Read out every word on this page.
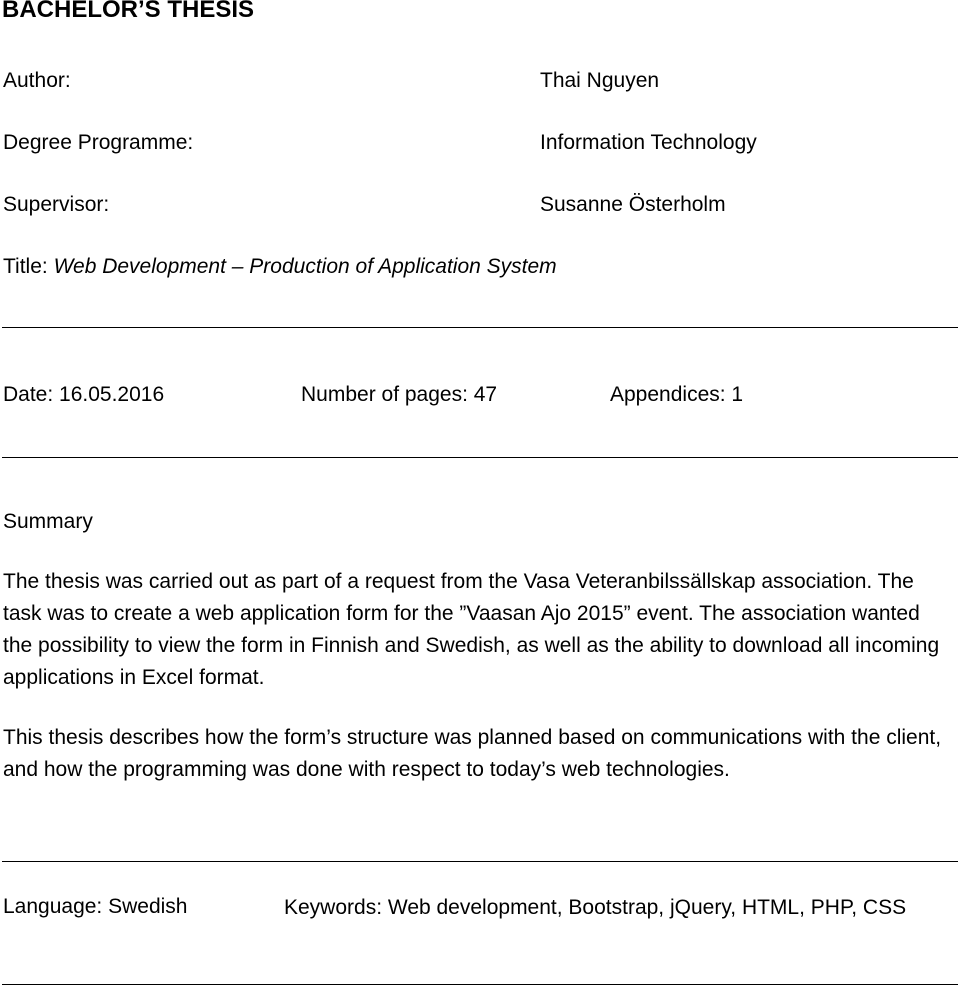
BACHELOR’S THESIS
Author:	Thai Nguyen
Degree Programme:	Information Technology
Supervisor:	Susanne Österholm
Title: Web Development – Production of Application System
Date: 16.05.2016	Number of pages: 47	Appendices: 1
Summary
The thesis was carried out as part of a request from the Vasa Veteranbilssällskap association. The task was to create a web application form for the ”Vaasan Ajo 2015” event. The association wanted the possibility to view the form in Finnish and Swedish, as well as the ability to download all incoming applications in Excel format.
This thesis describes how the form’s structure was planned based on communications with the client, and how the programming was done with respect to today’s web technologies.
Language: Swedish	Keywords: Web development, Bootstrap, jQuery, HTML, PHP, CSS
